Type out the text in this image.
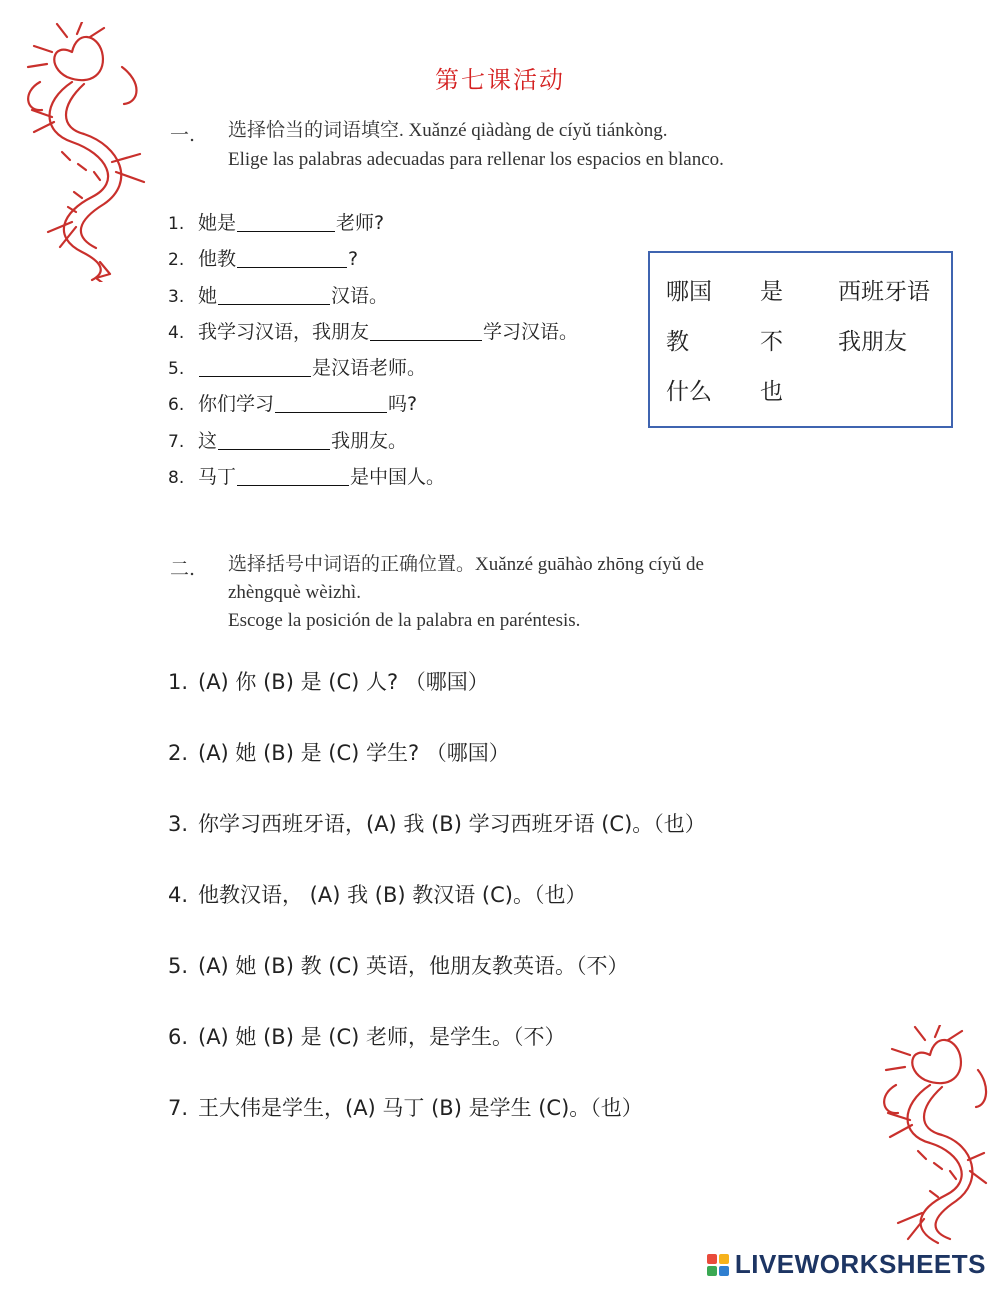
第七课活动
一. 选择恰当的词语填空. Xuǎnzé qiàdàng de cíyǔ tiánkòng.
Elige las palabras adecuadas para rellenar los espacios en blanco.
1. 她是	老师?
2. 他教	?
3. 她	汉语。
4. 我学习汉语，我朋友	学习汉语。
5.	是汉语老师。
6. 你们学习	吗?
7. 这	我朋友。
8. 马丁	是中国人。
哪国 是 西班牙语
教	不 我朋友
什么 也
二. 选择括号中词语的正确位置。Xuǎnzé guāhào zhōng cíyǔ de
zhèngquè wèizhì.
Escoge la posición de la palabra en paréntesis.
1. (A) 你 (B) 是 (C) 人? （哪国）
2. (A) 她 (B) 是 (C) 学生? （哪国）
3. 你学习西班牙语，(A) 我 (B) 学习西班牙语 (C)。（也）
4. 他教汉语， (A) 我 (B) 教汉语 (C)。（也）
5. (A) 她 (B) 教 (C) 英语，他朋友教英语。（不）
6. (A) 她 (B) 是 (C) 老师，是学生。（不）
7. 王大伟是学生，(A) 马丁 (B) 是学生 (C)。（也）
LIVEWORKSHEETS
